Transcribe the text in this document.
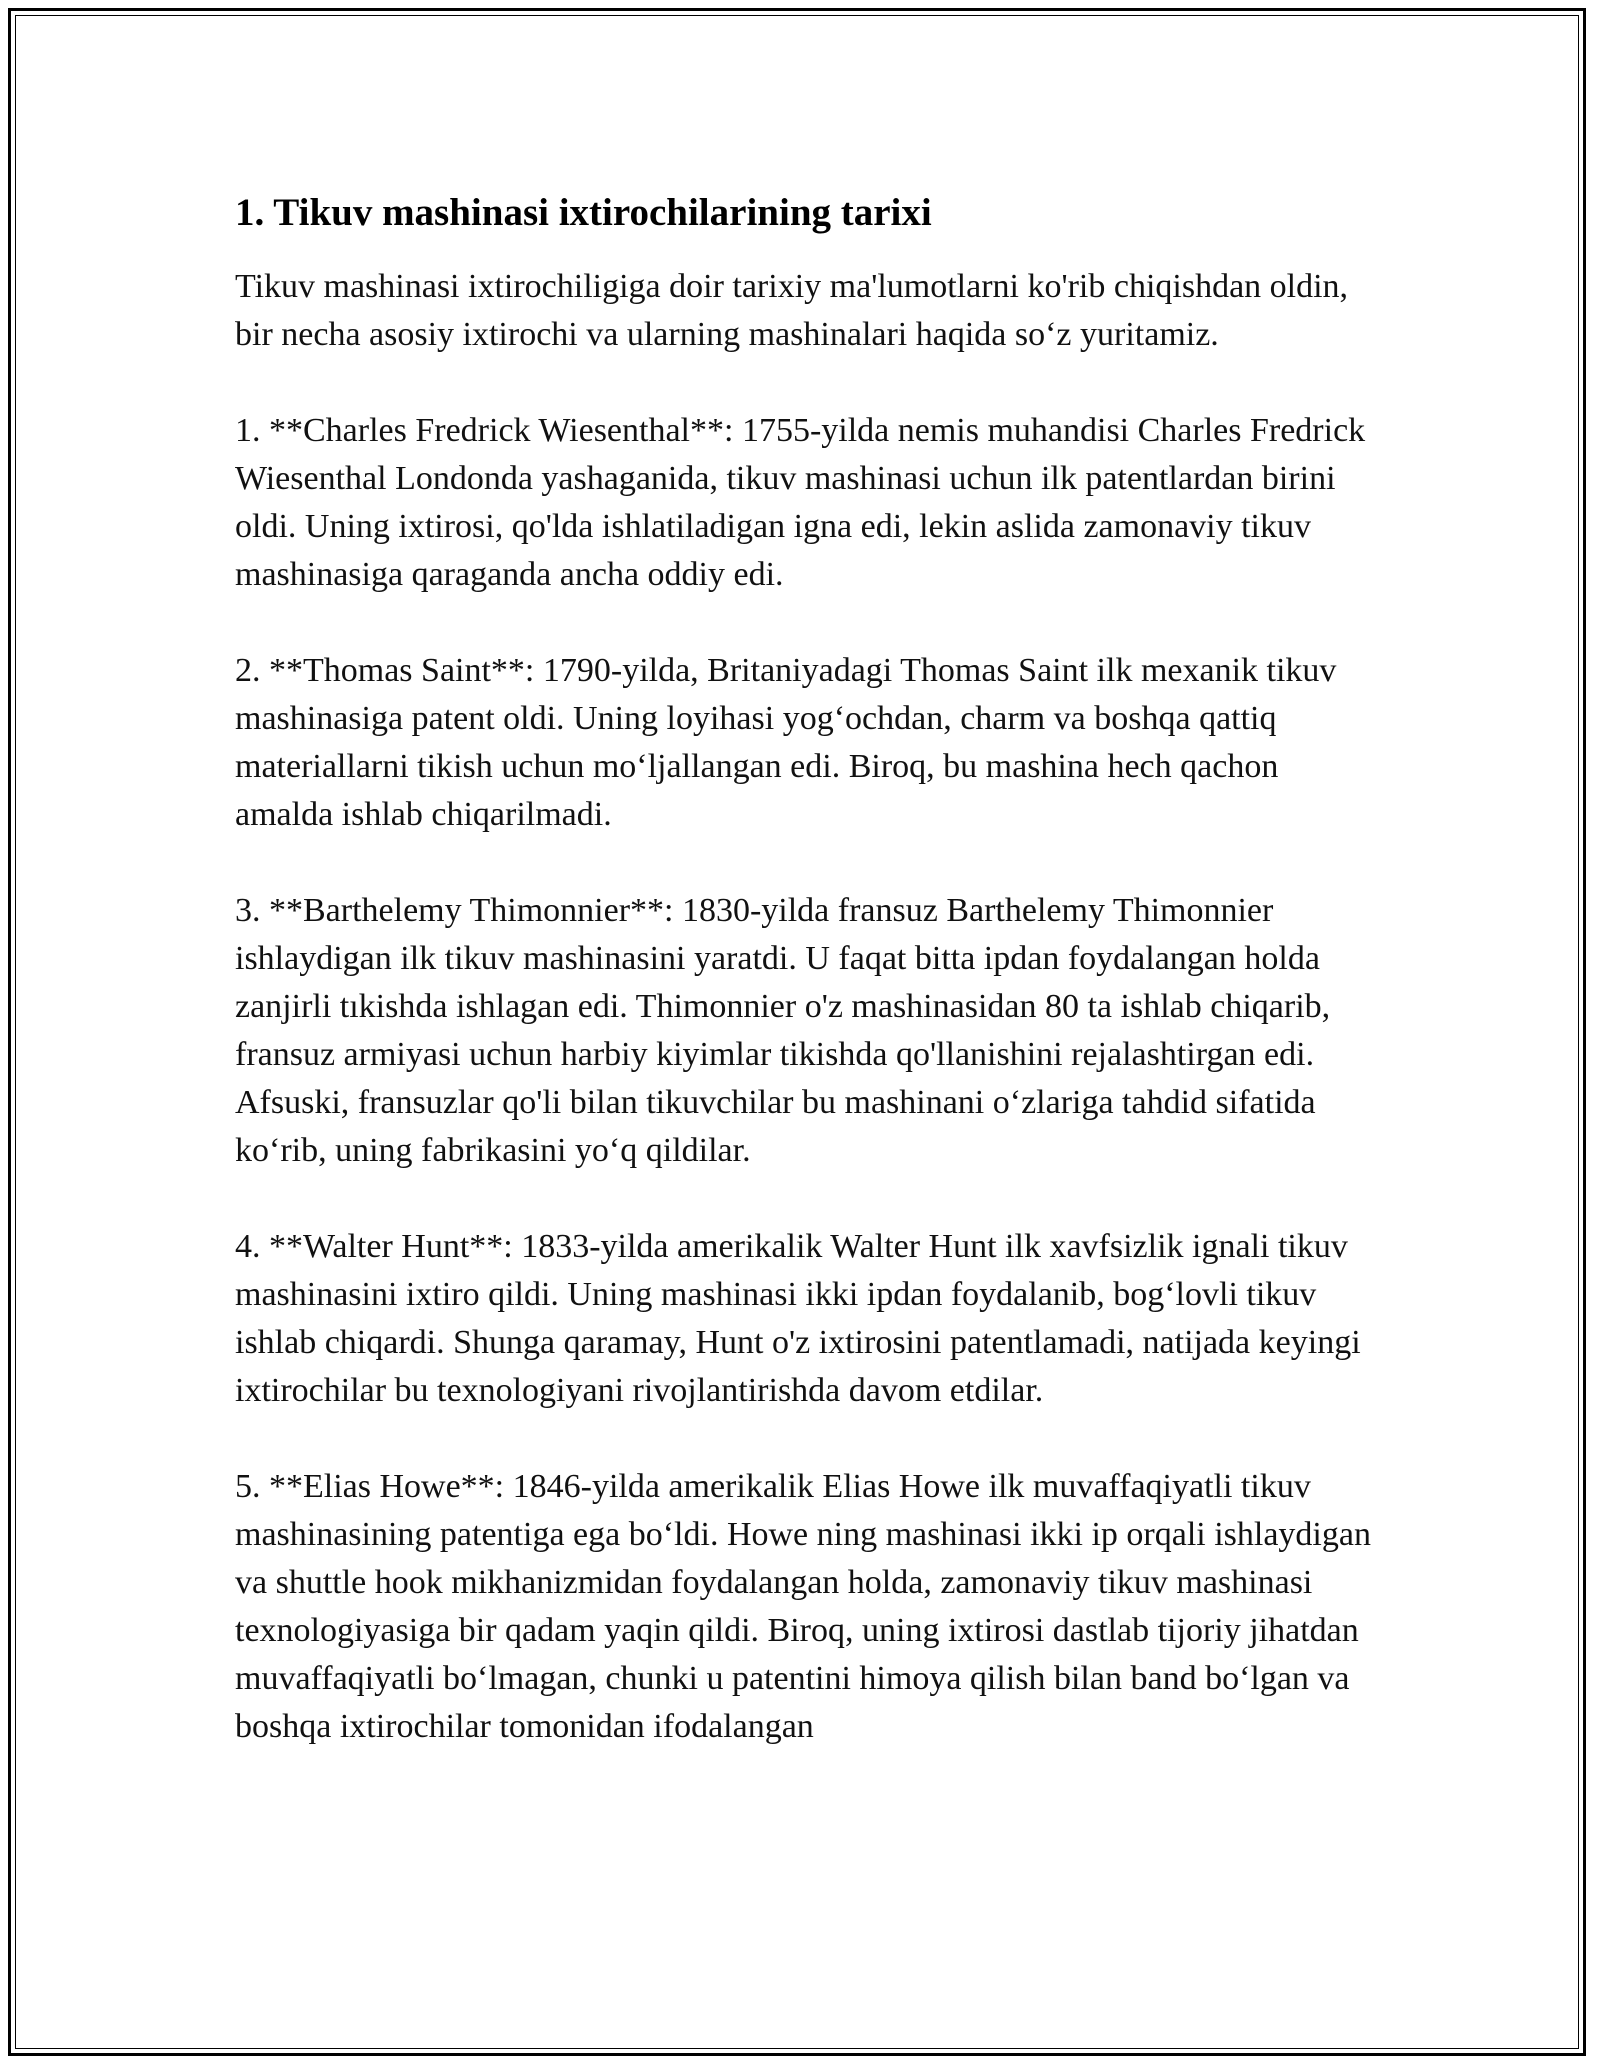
1. Tikuv mashinasi ixtirochilarining tarixi

Tikuv mashinasi ixtirochiligiga doir tarixiy ma'lumotlarni ko'rib chiqishdan oldin, bir necha asosiy ixtirochi va ularning mashinalari haqida so‘z yuritamiz.

1. **Charles Fredrick Wiesenthal**: 1755-yilda nemis muhandisi Charles Fredrick Wiesenthal Londonda yashaganida, tikuv mashinasi uchun ilk patentlardan birini oldi. Uning ixtirosi, qo'lda ishlatiladigan igna edi, lekin aslida zamonaviy tikuv mashinasiga qaraganda ancha oddiy edi.

2. **Thomas Saint**: 1790-yilda, Britaniyadagi Thomas Saint ilk mexanik tikuv mashinasiga patent oldi. Uning loyihasi yog‘ochdan, charm va boshqa qattiq materiallarni tikish uchun mo‘ljallangan edi. Biroq, bu mashina hech qachon amalda ishlab chiqarilmadi.

3. **Barthelemy Thimonnier**: 1830-yilda fransuz Barthelemy Thimonnier ishlaydigan ilk tikuv mashinasini yaratdi. U faqat bitta ipdan foydalangan holda zanjirli tıkishda ishlagan edi. Thimonnier o'z mashinasidan 80 ta ishlab chiqarib, fransuz armiyasi uchun harbiy kiyimlar tikishda qo'llanishini rejalashtirgan edi. Afsuski, fransuzlar qo'li bilan tikuvchilar bu mashinani o‘zlariga tahdid sifatida ko‘rib, uning fabrikasini yo‘q qildilar.

4. **Walter Hunt**: 1833-yilda amerikalik Walter Hunt ilk xavfsizlik ignali tikuv mashinasini ixtiro qildi. Uning mashinasi ikki ipdan foydalanib, bog‘lovli tikuv ishlab chiqardi. Shunga qaramay, Hunt o'z ixtirosini patentlamadi, natijada keyingi ixtirochilar bu texnologiyani rivojlantirishda davom etdilar.

5. **Elias Howe**: 1846-yilda amerikalik Elias Howe ilk muvaffaqiyatli tikuv mashinasining patentiga ega bo‘ldi. Howe ning mashinasi ikki ip orqali ishlaydigan va shuttle hook mikhanizmidan foydalangan holda, zamonaviy tikuv mashinasi texnologiyasiga bir qadam yaqin qildi. Biroq, uning ixtirosi dastlab tijoriy jihatdan muvaffaqiyatli bo‘lmagan, chunki u patentini himoya qilish bilan band bo‘lgan va boshqa ixtirochilar tomonidan ifodalangan
